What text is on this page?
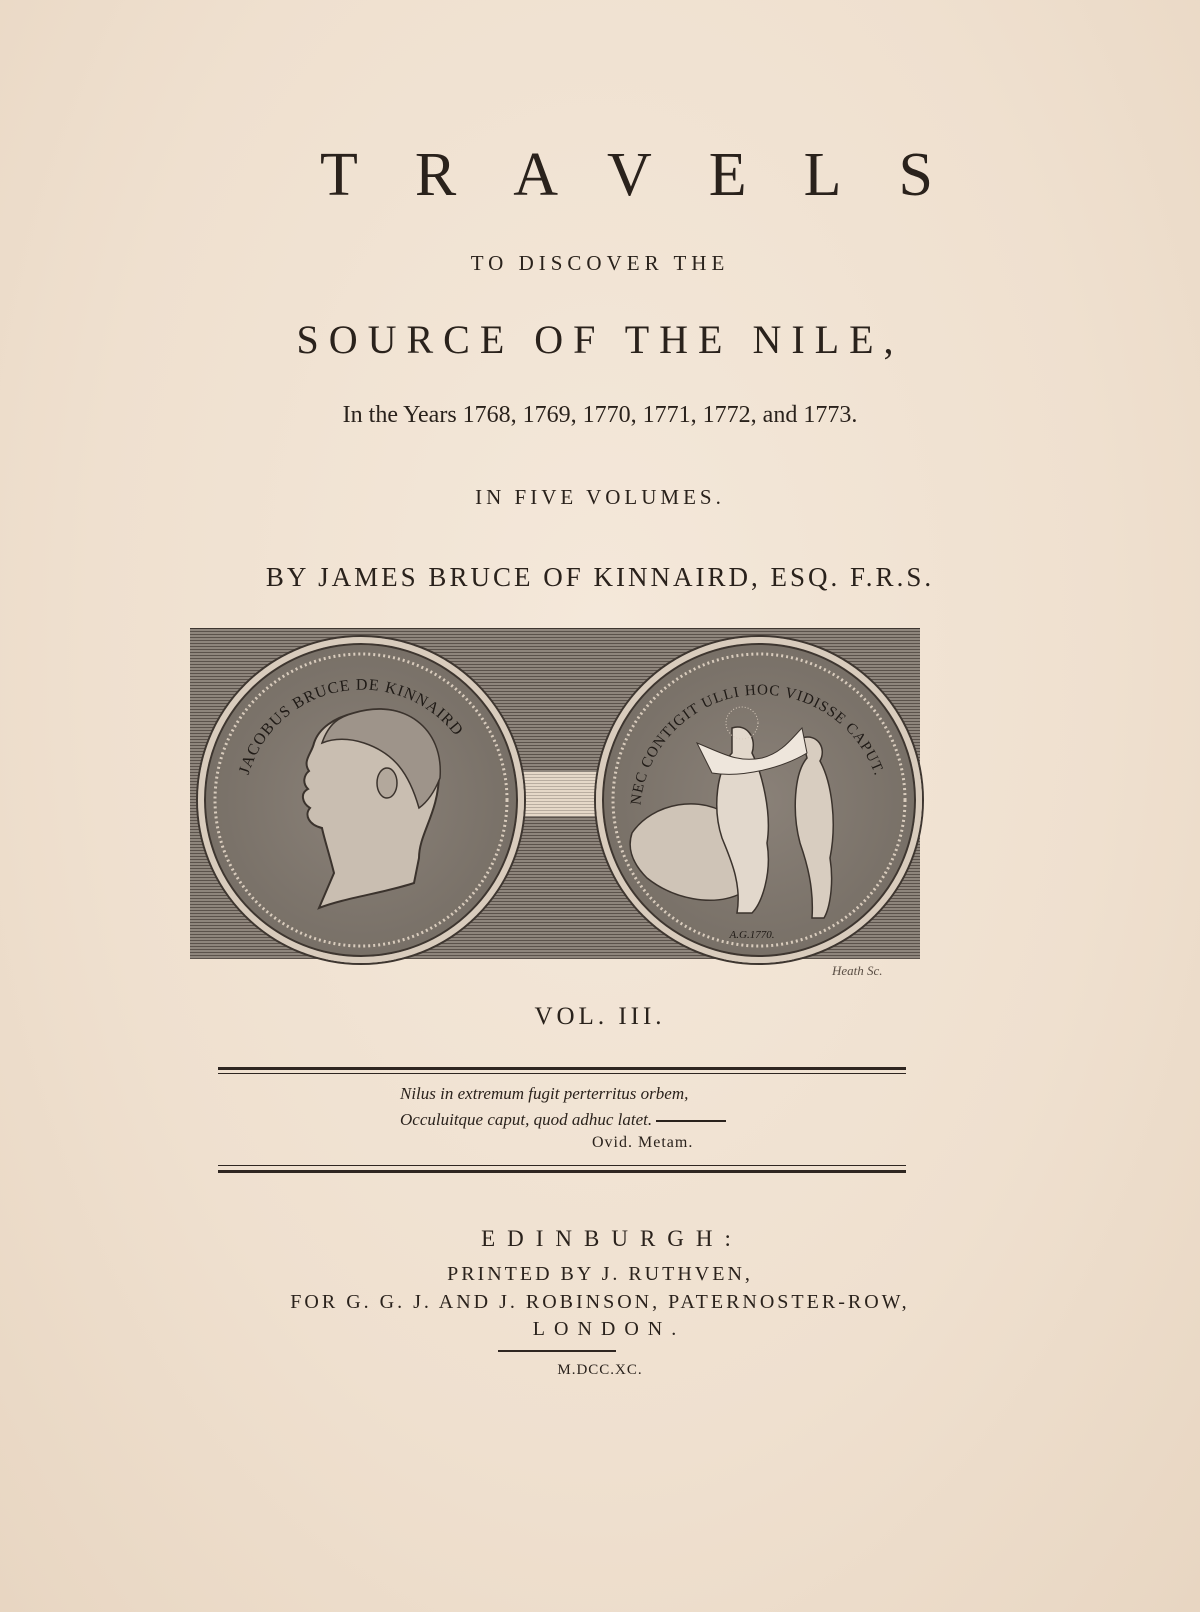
TRAVELS
TO DISCOVER THE
SOURCE OF THE NILE,
In the Years 1768, 1769, 1770, 1771, 1772, and 1773.
IN FIVE VOLUMES.
BY JAMES BRUCE OF KINNAIRD, ESQ. F.R.S.
JACOBUS BRUCE DE KINNAIRD
NEC CONTIGIT ULLI HOC VIDISSE CAPUT.
A.G.1770.
Heath Sc.
VOL. III.
Nilus in extremum fugit perterritus orbem,
Occuluitque caput, quod adhuc latet.
Ovid. Metam.
EDINBURGH:
PRINTED BY J. RUTHVEN,
FOR G. G. J. AND J. ROBINSON, PATERNOSTER-ROW,
LONDON.
M.DCC.XC.
